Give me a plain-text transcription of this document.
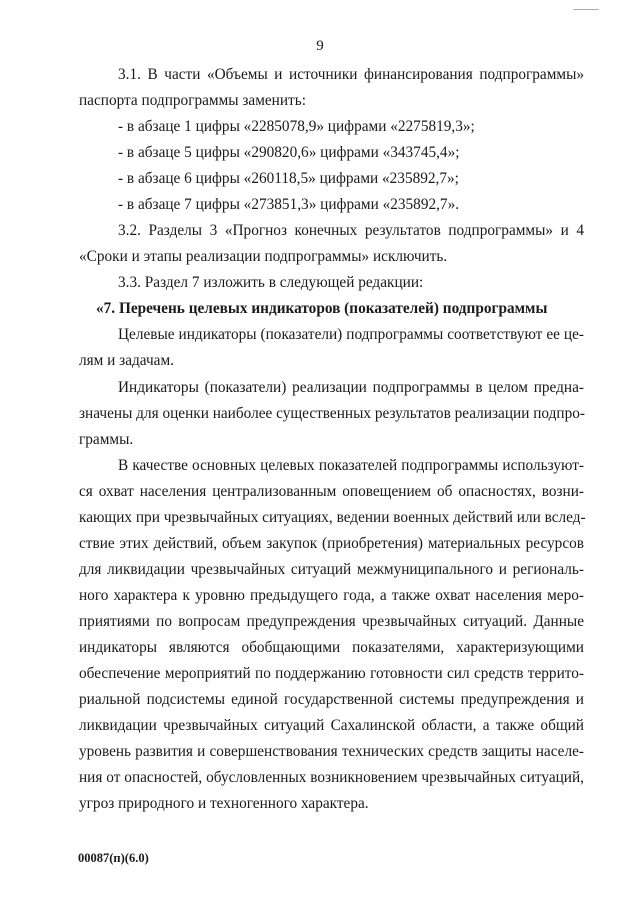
9
3.1. В части «Объемы и источники финансирования подпрограммы»
паспорта подпрограммы заменить:
- в абзаце 1 цифры «2285078,9» цифрами «2275819,3»;
- в абзаце 5 цифры «290820,6» цифрами «343745,4»;
- в абзаце 6 цифры «260118,5» цифрами «235892,7»;
- в абзаце 7 цифры «273851,3» цифрами «235892,7».
3.2. Разделы 3 «Прогноз конечных результатов подпрограммы» и 4
«Сроки и этапы реализации подпрограммы» исключить.
3.3. Раздел 7 изложить в следующей редакции:
«7. Перечень целевых индикаторов (показателей) подпрограммы
Целевые индикаторы (показатели) подпрограммы соответствуют ее це-
лям и задачам.
Индикаторы (показатели) реализации подпрограммы в целом предна-
значены для оценки наиболее существенных результатов реализации подпро-
граммы.
В качестве основных целевых показателей подпрограммы используют-
ся охват населения централизованным оповещением об опасностях, возни-
кающих при чрезвычайных ситуациях, ведении военных действий или вслед-
ствие этих действий, объем закупок (приобретения) материальных ресурсов
для ликвидации чрезвычайных ситуаций межмуниципального и региональ-
ного характера к уровню предыдущего года, а также охват населения меро-
приятиями по вопросам предупреждения чрезвычайных ситуаций. Данные
индикаторы являются обобщающими показателями, характеризующими
обеспечение мероприятий по поддержанию готовности сил средств террито-
риальной подсистемы единой государственной системы предупреждения и
ликвидации чрезвычайных ситуаций Сахалинской области, а также общий
уровень развития и совершенствования технических средств защиты населе-
ния от опасностей, обусловленных возникновением чрезвычайных ситуаций,
угроз природного и техногенного характера.
00087(п)(6.0)
